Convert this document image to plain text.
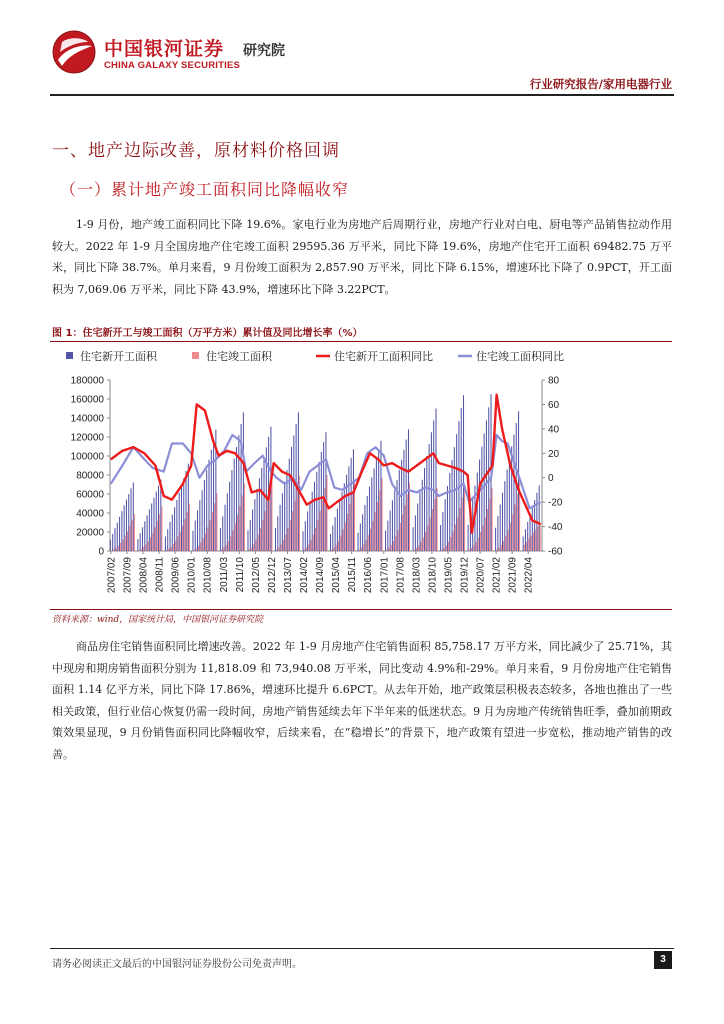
中国银河证券
CHINA GALAXY SECURITIES
研究院
行业研究报告/家用电器行业
一、地产边际改善，原材料价格回调
（一）累计地产竣工面积同比降幅收窄

1-9 月份，地产竣工面积同比下降 19.6%。家电行业为房地产后周期行业，房地产行业对白电、厨电等产品销售拉动作用较大。2022 年 1-9 月全国房地产住宅竣工面积 29595.36 万平米，同比下降 19.6%，房地产住宅开工面积 69482.75 万平米，同比下降 38.7%。单月来看，9 月份竣工面积为 2,857.90 万平米，同比下降 6.15%，增速环比下降了 0.9PCT，开工面积为 7,069.06 万平米，同比下降 43.9%，增速环比下降 3.22PCT。

图 1：住宅新开工与竣工面积（万平方米）累计值及同比增长率（%）
住宅新开工面积	住宅竣工面积	住宅新开工面积同比	住宅竣工面积同比
0
20000
40000
60000
80000
100000
120000
140000
160000
180000
-60
-40
-20
0
20
40
60
80
2007/02 2007/09 2008/04 2008/11 2009/06 2010/01 2010/08 2011/03 2011/10 2012/05 2012/12 2013/07 2014/02 2014/09 2015/04 2015/11 2016/06 2017/01 2017/08 2018/03 2018/10 2019/05 2019/12 2020/07 2021/02 2021/09 2022/04
资料来源：wind，国家统计局，中国银河证券研究院

商品房住宅销售面积同比增速改善。2022 年 1-9 月房地产住宅销售面积 85,758.17 万平方米，同比减少了 25.71%，其中现房和期房销售面积分别为 11,818.09 和 73,940.08 万平米，同比变动 4.9%和-29%。单月来看，9 月份房地产住宅销售面积 1.14 亿平方米，同比下降 17.86%，增速环比提升 6.6PCT。从去年开始，地产政策层积极表态较多，各地也推出了一些相关政策，但行业信心恢复仍需一段时间，房地产销售延续去年下半年来的低迷状态。9 月为房地产传统销售旺季，叠加前期政策效果显现，9 月份销售面积同比降幅收窄，后续来看，在“稳增长”的背景下，地产政策有望进一步宽松，推动地产销售的改善。

请务必阅读正文最后的中国银河证券股份公司免责声明。	3
